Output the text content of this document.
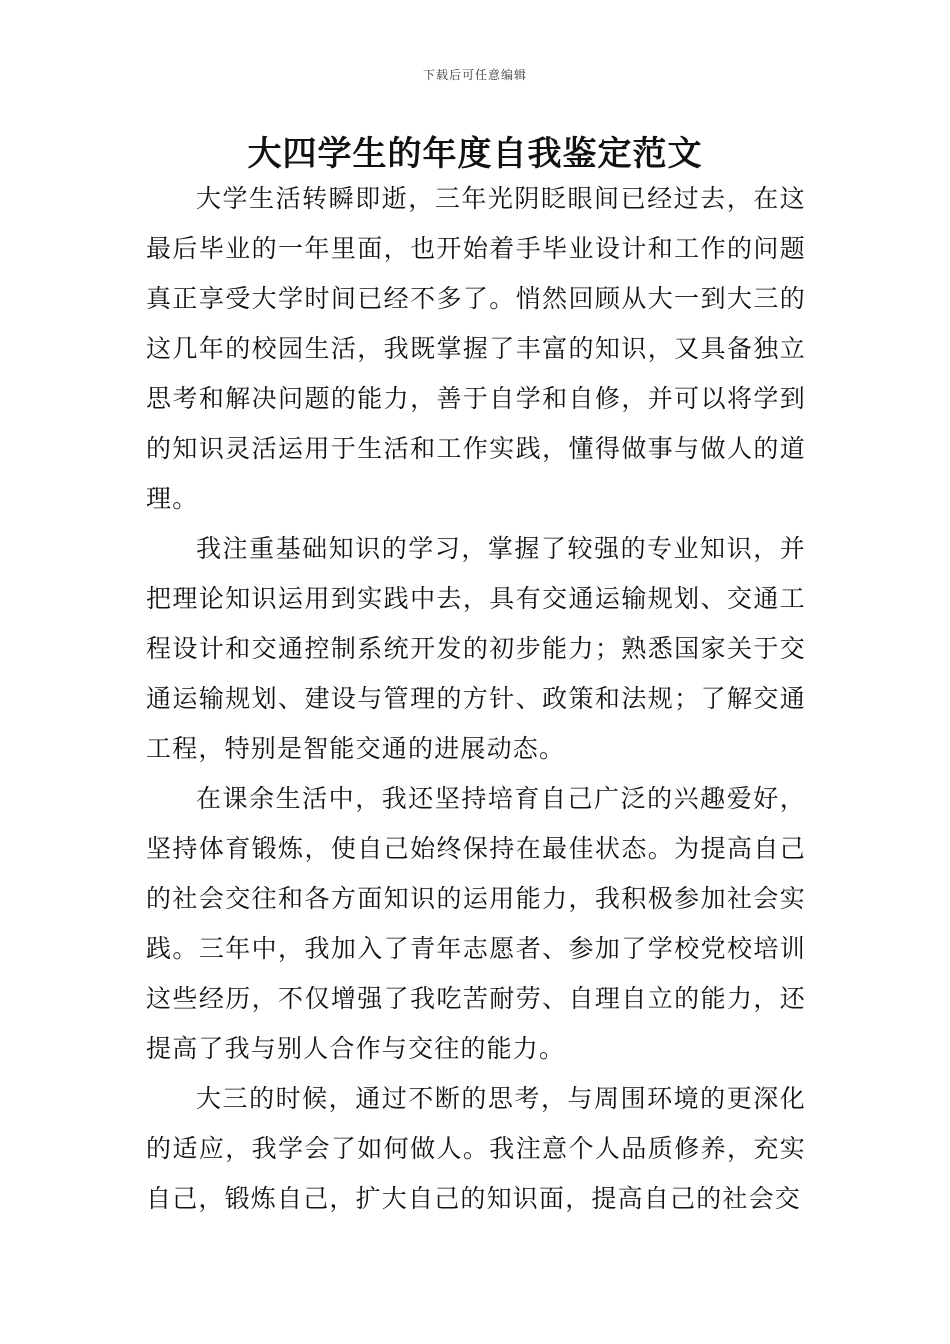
下载后可任意编辑
大四学生的年度自我鉴定范文

大学生活转瞬即逝，三年光阴眨眼间已经过去，在这最后毕业的一年里面，也开始着手毕业设计和工作的问题真正享受大学时间已经不多了。悄然回顾从大一到大三的这几年的校园生活，我既掌握了丰富的知识，又具备独立思考和解决问题的能力，善于自学和自修，并可以将学到的知识灵活运用于生活和工作实践，懂得做事与做人的道理。

我注重基础知识的学习，掌握了较强的专业知识，并把理论知识运用到实践中去，具有交通运输规划、交通工程设计和交通控制系统开发的初步能力；熟悉国家关于交通运输规划、建设与管理的方针、政策和法规；了解交通工程，特别是智能交通的进展动态。

在课余生活中，我还坚持培育自己广泛的兴趣爱好，坚持体育锻炼，使自己始终保持在最佳状态。为提高自己的社会交往和各方面知识的运用能力，我积极参加社会实践。三年中，我加入了青年志愿者、参加了学校党校培训这些经历，不仅增强了我吃苦耐劳、自理自立的能力，还提高了我与别人合作与交往的能力。

大三的时候，通过不断的思考，与周围环境的更深化的适应，我学会了如何做人。我注意个人品质修养，充实自己，锻炼自己，扩大自己的知识面，提高自己的社会交
